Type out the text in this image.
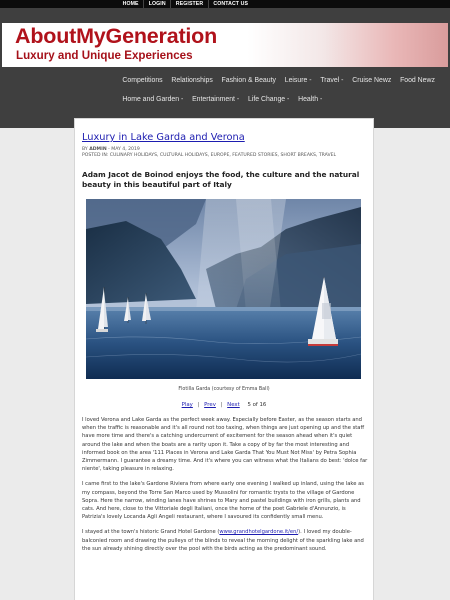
HOME	LOGIN	REGISTER	CONTACT US
AboutMyGeneration
Luxury and Unique Experiences
Competitions	Relationships	Fashion & Beauty	Leisure -	Travel -	Cruise Newz	Food Newz
Home and Garden -	Entertainment -	Life Change -	Health -
Luxury in Lake Garda and Verona
BY ADMIN - MAY 4, 2019
POSTED IN: CULINARY HOLIDAYS, CULTURAL HOLIDAYS, EUROPE, FEATURED STORIES, SHORT BREAKS, TRAVEL
Adam Jacot de Boinod enjoys the food, the culture and the natural beauty in this beautiful part of Italy
Flotilla Garda (courtesy of Emma Ball)
Play | Prev | Next 5 of 16

I loved Verona and Lake Garda as the perfect week away. Especially before Easter, as the season starts and when the traffic is reasonable and it's all round not too taxing, when things are just opening up and the staff have more time and there's a catching undercurrent of excitement for the season ahead when it's quiet around the lake and when the boats are a rarity upon it. Take a copy of by far the most interesting and informed book on the area '111 Places in Verona and Lake Garda That You Must Not Miss' by Petra Sophia Zimmermann. I guarantee a dreamy time. And it's where you can witness what the Italians do best: 'dolce far niente', taking pleasure in relaxing.

I came first to the lake's Gardone Riviera from where early one evening I walked up inland, using the lake as my compass, beyond the Torre San Marco used by Mussolini for romantic trysts to the village of Gardone Sopra. Here the narrow, winding lanes have shrines to Mary and pastel buildings with iron grills, plants and cats. And here, close to the Vittoriale degli Italiani, once the home of the poet Gabriele d'Annunzio, is Patrizia's lovely Locanda Agli Angeli restaurant, where I savoured its confidently small menu.

I stayed at the town's historic Grand Hotel Gardone (www.grandhotelgardone.it/en/). I loved my double-balconied room and drawing the pulleys of the blinds to reveal the morning delight of the sparkling lake and the sun already shining directly over the pool with the birds acting as the predominant sound.
